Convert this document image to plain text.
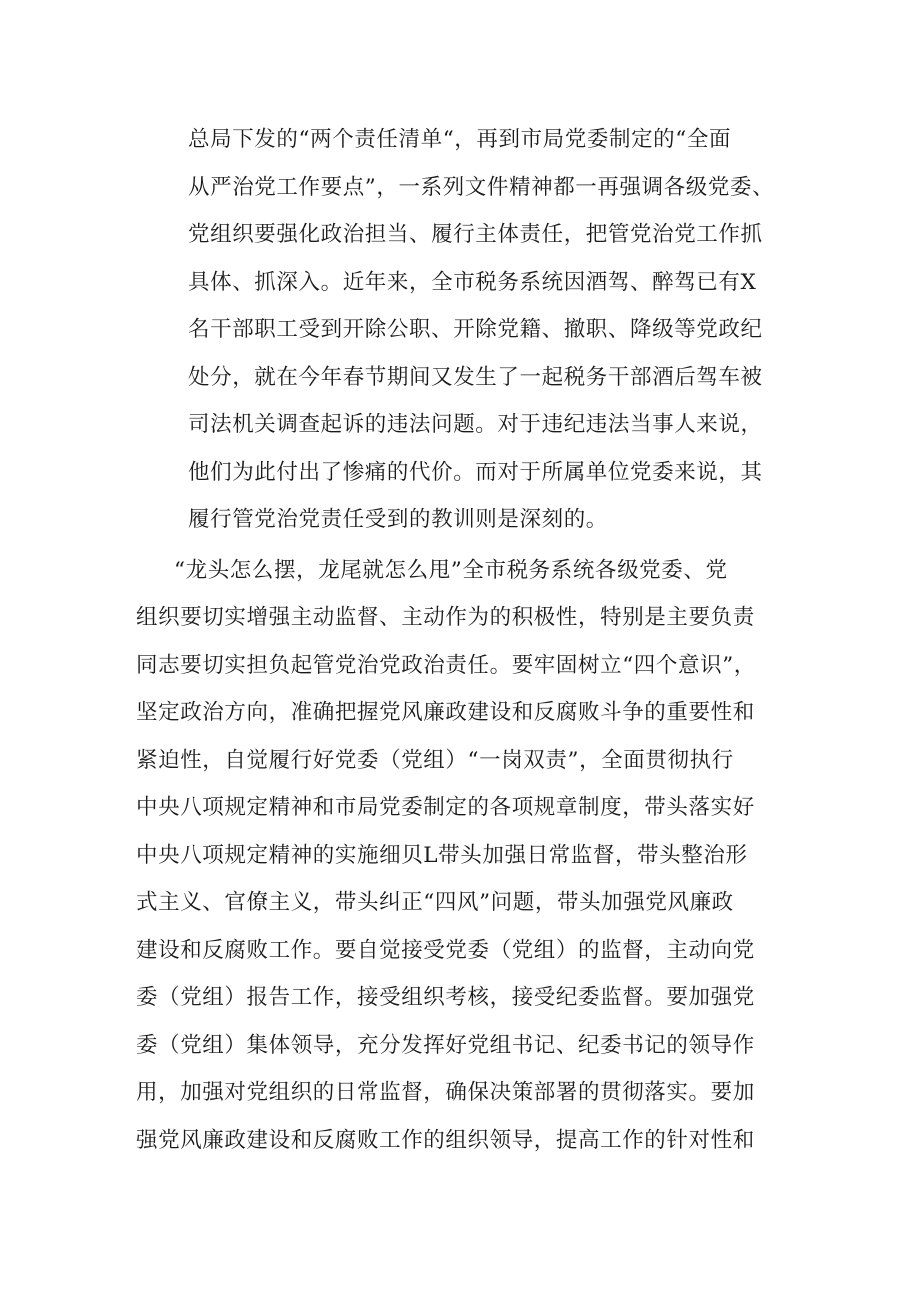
总局下发的“两个责任清单“，再到市局党委制定的“全面
从严治党工作要点”，一系列文件精神都一再强调各级党委、
党组织要强化政治担当、履行主体责任，把管党治党工作抓
具体、抓深入。近年来，全市税务系统因酒驾、醉驾已有X
名干部职工受到开除公职、开除党籍、撤职、降级等党政纪
处分，就在今年春节期间又发生了一起税务干部酒后驾车被
司法机关调查起诉的违法问题。对于违纪违法当事人来说，
他们为此付出了惨痛的代价。而对于所属单位党委来说，其
履行管党治党责任受到的教训则是深刻的。
“龙头怎么摆，龙尾就怎么甩”全市税务系统各级党委、党
组织要切实增强主动监督、主动作为的积极性，特别是主要负责
同志要切实担负起管党治党政治责任。要牢固树立“四个意识”，
坚定政治方向，准确把握党风廉政建设和反腐败斗争的重要性和
紧迫性，自觉履行好党委（党组）“一岗双责”，全面贯彻执行
中央八项规定精神和市局党委制定的各项规章制度，带头落实好
中央八项规定精神的实施细贝L带头加强日常监督，带头整治形
式主义、官僚主义，带头纠正“四风”问题，带头加强党风廉政
建设和反腐败工作。要自觉接受党委（党组）的监督，主动向党
委（党组）报告工作，接受组织考核，接受纪委监督。要加强党
委（党组）集体领导，充分发挥好党组书记、纪委书记的领导作
用，加强对党组织的日常监督，确保决策部署的贯彻落实。要加
强党风廉政建设和反腐败工作的组织领导，提高工作的针对性和
